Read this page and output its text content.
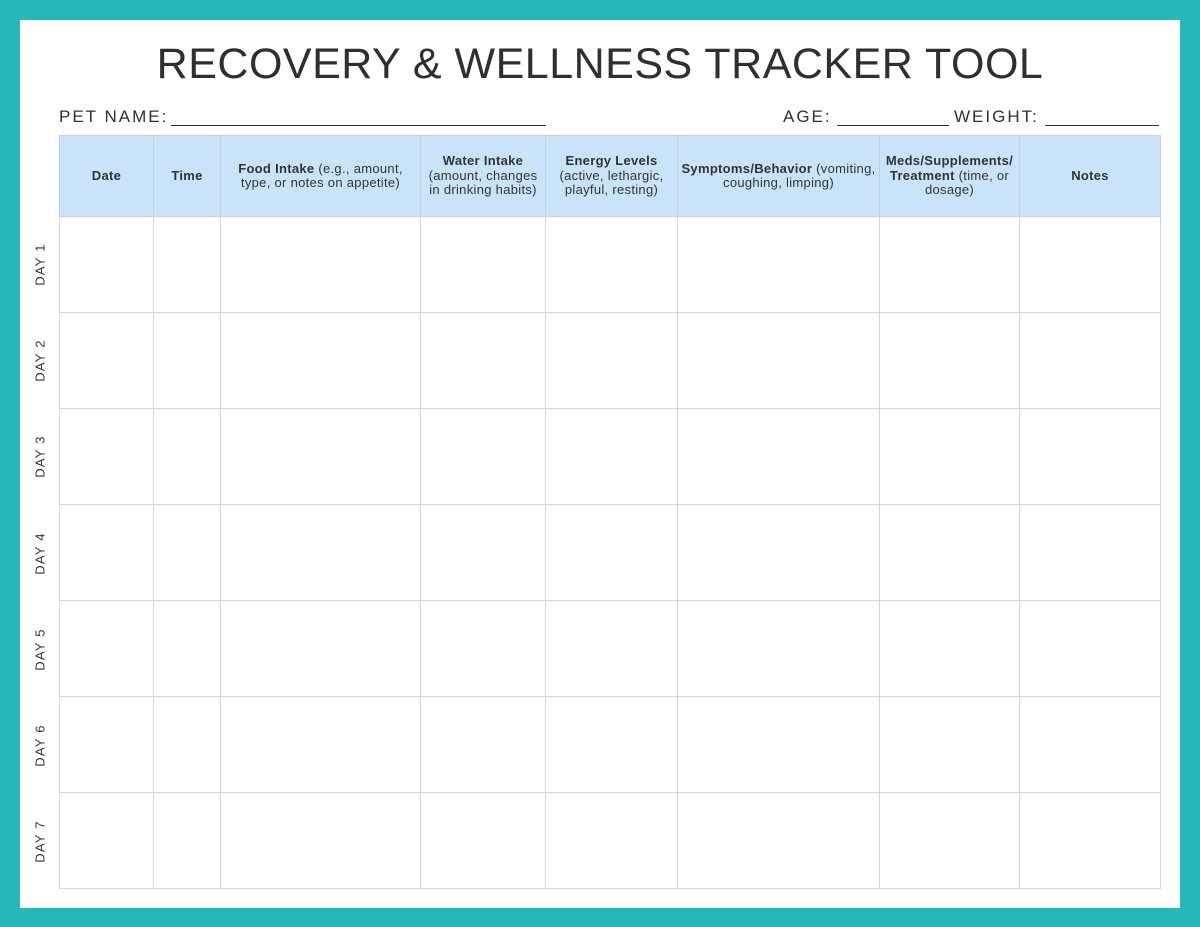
RECOVERY & WELLNESS TRACKER TOOL
PET NAME:	AGE:	WEIGHT:
Date	Time	Food Intake (e.g., amount, type, or notes on appetite)	Water Intake (amount, changes in drinking habits)	Energy Levels (active, lethargic, playful, resting)	Symptoms/Behavior (vomiting, coughing, limping)	Meds/Supplements/ Treatment (time, or dosage)	Notes

DAY 1
DAY 2
DAY 3
DAY 4
DAY 5
DAY 6
DAY 7
